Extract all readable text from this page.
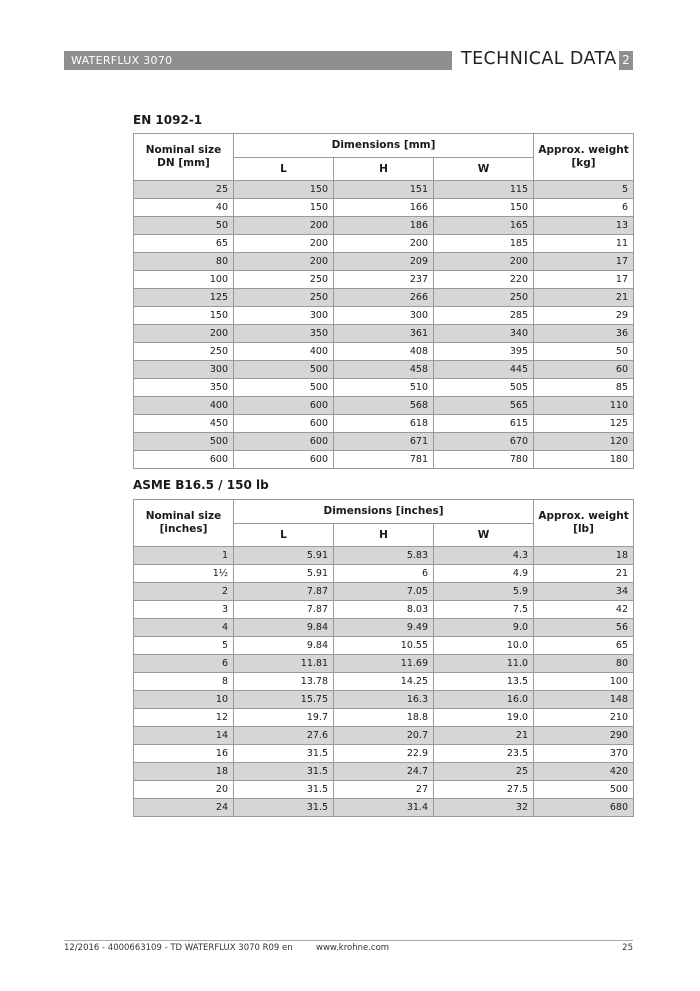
WATERFLUX 3070	TECHNICAL DATA 2
EN 1092-1
Nominal size
DN [mm]	Dimensions [mm]			Approx. weight
[kg]
	L	H	W	
25	150	151	115	5
40	150	166	150	6
50	200	186	165	13
65	200	200	185	11
80	200	209	200	17
100	250	237	220	17
125	250	266	250	21
150	300	300	285	29
200	350	361	340	36
250	400	408	395	50
300	500	458	445	60
350	500	510	505	85
400	600	568	565	110
450	600	618	615	125
500	600	671	670	120
600	600	781	780	180
ASME B16.5 / 150 lb
Nominal size
[inches]	Dimensions [inches]			Approx. weight
[lb]
	L	H	W	
1	5.91	5.83	4.3	18
1½	5.91	6	4.9	21
2	7.87	7.05	5.9	34
3	7.87	8.03	7.5	42
4	9.84	9.49	9.0	56
5	9.84	10.55	10.0	65
6	11.81	11.69	11.0	80
8	13.78	14.25	13.5	100
10	15.75	16.3	16.0	148
12	19.7	18.8	19.0	210
14	27.6	20.7	21	290
16	31.5	22.9	23.5	370
18	31.5	24.7	25	420
20	31.5	27	27.5	500
24	31.5	31.4	32	680
12/2016 - 4000663109 - TD WATERFLUX 3070 R09 en	www.krohne.com	25
